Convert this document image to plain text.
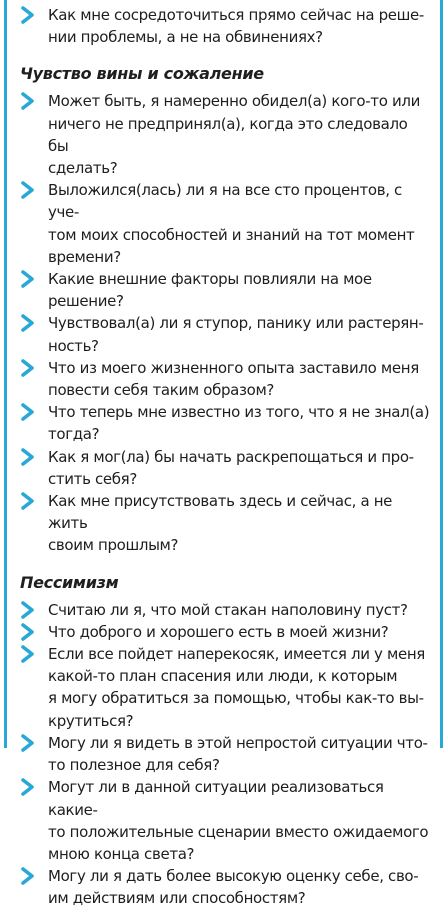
Как мне сосредоточиться прямо сейчас на реше-
нии проблемы, а не на обвинениях?
Чувство вины и сожаление
Может быть, я намеренно обидел(а) кого-то или
ничего не предпринял(а), когда это следовало бы
сделать?
Выложился(лась) ли я на все сто процентов, с уче-
том моих способностей и знаний на тот момент
времени?
Какие внешние факторы повлияли на мое решение?
Чувствовал(а) ли я ступор, панику или растерян-
ность?
Что из моего жизненного опыта заставило меня
повести себя таким образом?
Что теперь мне известно из того, что я не знал(а)
тогда?
Как я мог(ла) бы начать раскрепощаться и про-
стить себя?
Как мне присутствовать здесь и сейчас, а не жить
своим прошлым?
Пессимизм
Считаю ли я, что мой стакан наполовину пуст?
Что доброго и хорошего есть в моей жизни?
Если все пойдет наперекосяк, имеется ли у меня
какой-то план спасения или люди, к которым
я могу обратиться за помощью, чтобы как-то вы-
крутиться?
Могу ли я видеть в этой непростой ситуации что-
то полезное для себя?
Могут ли в данной ситуации реализоваться какие-
то положительные сценарии вместо ожидаемого
мною конца света?
Могу ли я дать более высокую оценку себе, сво-
им действиям или способностям?
